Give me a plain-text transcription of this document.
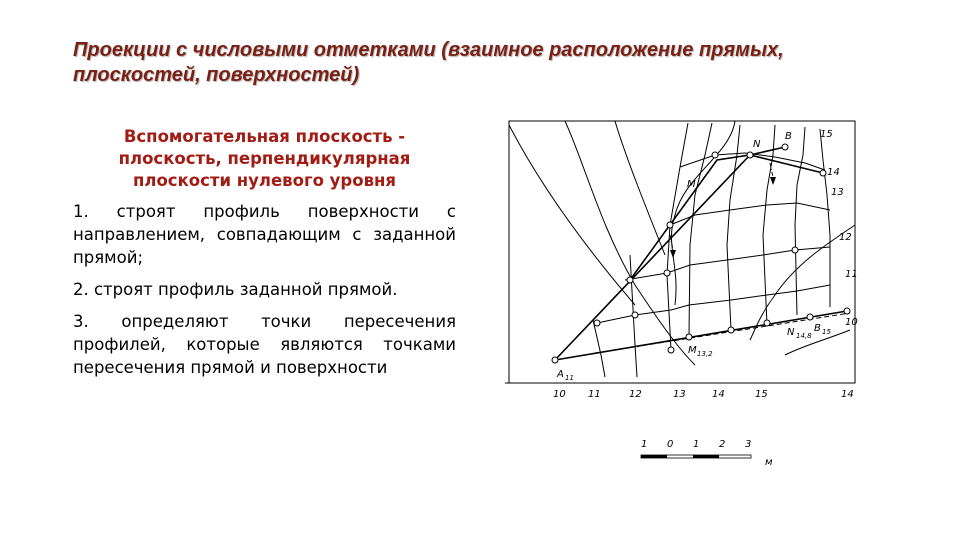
Проекции с числовыми отметками (взаимное расположение прямых,
плоскостей, поверхностей)
Вспомогательная плоскость -
плоскость, перпендикулярная
плоскости нулевого уровня

1. строят профиль поверхности с направлением, совпадающим с заданной прямой;

2. строят профиль заданной прямой.

3. определяют точки пересечения профилей, которые являются точками пересечения прямой и поверхности

N
B
M
A 11
M 13,2
N 14,8
B 15
15
14
13
12
11
10
10 11	12	13	14	15	14
1 0 1 2 3
м
